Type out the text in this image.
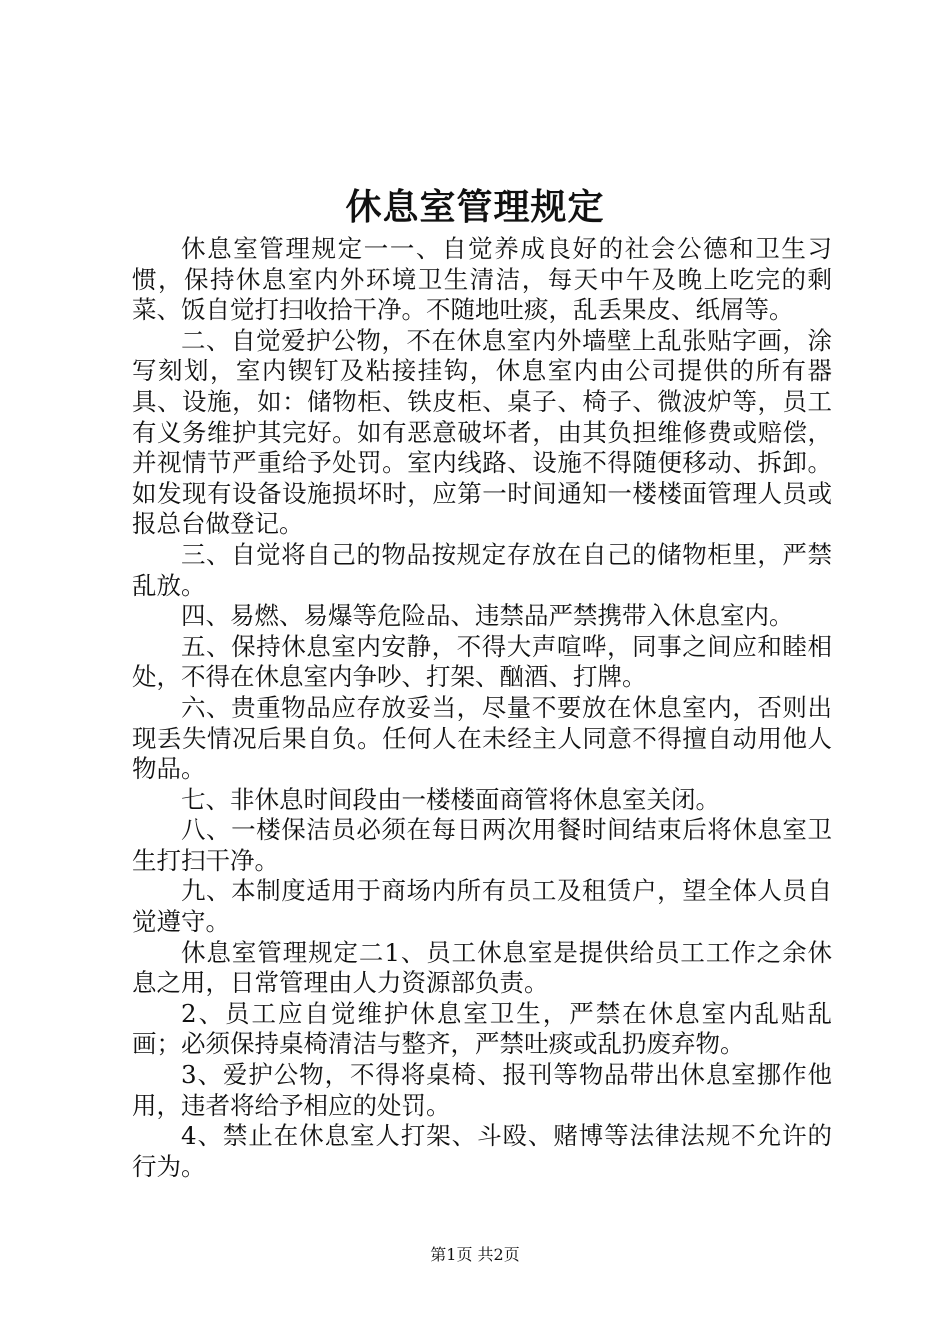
休息室管理规定

休息室管理规定一一、自觉养成良好的社会公德和卫生习惯，保持休息室内外环境卫生清洁，每天中午及晚上吃完的剩菜、饭自觉打扫收拾干净。不随地吐痰，乱丢果皮、纸屑等。

二、自觉爱护公物，不在休息室内外墙壁上乱张贴字画，涂写刻划，室内锲钉及粘接挂钩，休息室内由公司提供的所有器具、设施，如：储物柜、铁皮柜、桌子、椅子、微波炉等，员工有义务维护其完好。如有恶意破坏者，由其负担维修费或赔偿，并视情节严重给予处罚。室内线路、设施不得随便移动、拆卸。如发现有设备设施损坏时，应第一时间通知一楼楼面管理人员或报总台做登记。

三、自觉将自己的物品按规定存放在自己的储物柜里，严禁乱放。

四、易燃、易爆等危险品、违禁品严禁携带入休息室内。

五、保持休息室内安静，不得大声喧哗，同事之间应和睦相处，不得在休息室内争吵、打架、酗酒、打牌。

六、贵重物品应存放妥当，尽量不要放在休息室内，否则出现丢失情况后果自负。任何人在未经主人同意不得擅自动用他人物品。

七、非休息时间段由一楼楼面商管将休息室关闭。

八、一楼保洁员必须在每日两次用餐时间结束后将休息室卫生打扫干净。

九、本制度适用于商场内所有员工及租赁户，望全体人员自觉遵守。

休息室管理规定二1、员工休息室是提供给员工工作之余休息之用，日常管理由人力资源部负责。

2、员工应自觉维护休息室卫生，严禁在休息室内乱贴乱画；必须保持桌椅清洁与整齐，严禁吐痰或乱扔废弃物。

3、爱护公物，不得将桌椅、报刊等物品带出休息室挪作他用，违者将给予相应的处罚。

4、禁止在休息室人打架、斗殴、赌博等法律法规不允许的行为。

第1页 共2页
